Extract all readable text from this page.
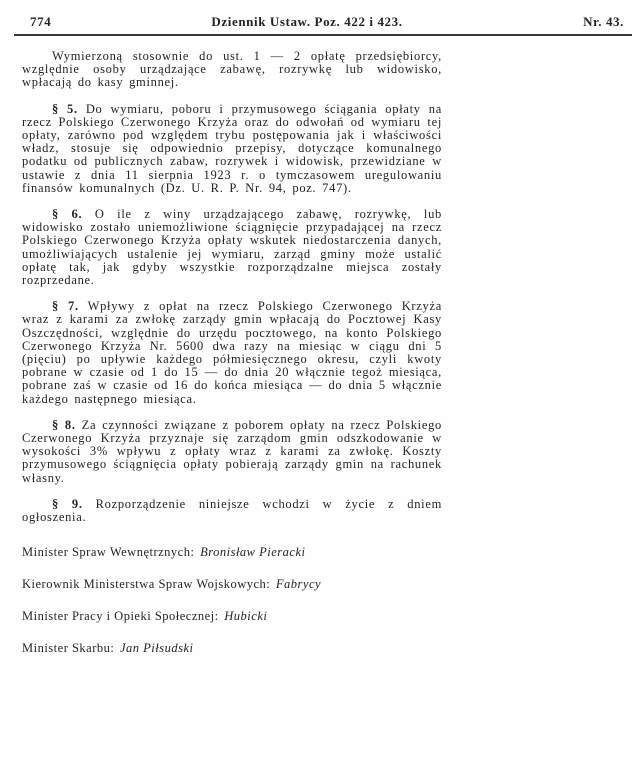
774	Dziennik Ustaw. Poz. 422 i 423.	Nr. 43.

Wymierzoną stosownie do ust. 1 — 2 opłatę przedsiębiorcy, względnie osoby urządzające zabawę, rozrywkę lub widowisko, wpłacają do kasy gminnej.

§ 5. Do wymiaru, poboru i przymusowego ściągania opłaty na rzecz Polskiego Czerwonego Krzyża oraz do odwołań od wymiaru tej opłaty, zarówno pod względem trybu postępowania jak i właściwości władz, stosuje się odpowiednio przepisy, dotyczące komunalnego podatku od publicznych zabaw, rozrywek i widowisk, przewidziane w ustawie z dnia 11 sierpnia 1923 r. o tymczasowem uregulowaniu finansów komunalnych (Dz. U. R. P. Nr. 94, poz. 747).

§ 6. O ile z winy urządzającego zabawę, rozrywkę, lub widowisko zostało uniemożliwione ściągnięcie przypadającej na rzecz Polskiego Czerwonego Krzyża opłaty wskutek niedostarczenia danych, umożliwiających ustalenie jej wymiaru, zarząd gminy może ustalić opłatę tak, jak gdyby wszystkie rozporządzalne miejsca zostały rozprzedane.

§ 7. Wpływy z opłat na rzecz Polskiego Czerwonego Krzyża wraz z karami za zwłokę zarządy gmin wpłacają do Pocztowej Kasy Oszczędności, względnie do urzędu pocztowego, na konto Polskiego Czerwonego Krzyża Nr. 5600 dwa razy na miesiąc w ciągu dni 5 (pięciu) po upływie każdego półmiesięcznego okresu, czyli kwoty pobrane w czasie od 1 do 15 — do dnia 20 włącznie tegoż miesiąca, pobrane zaś w czasie od 16 do końca miesiąca — do dnia 5 włącznie każdego następnego miesiąca.

§ 8. Za czynności związane z poborem opłaty na rzecz Polskiego Czerwonego Krzyża przyznaje się zarządom gmin odszkodowanie w wysokości 3% wpływu z opłaty wraz z karami za zwłokę. Koszty przymusowego ściągnięcia opłaty pobierają zarządy gmin na rachunek własny.

§ 9. Rozporządzenie niniejsze wchodzi w życie z dniem ogłoszenia.

Minister Spraw Wewnętrznych: Bronisław Pieracki
Kierownik Ministerstwa Spraw Wojskowych: Fabrycy
Minister Pracy i Opieki Społecznej: Hubicki
Minister Skarbu: Jan Piłsudski
